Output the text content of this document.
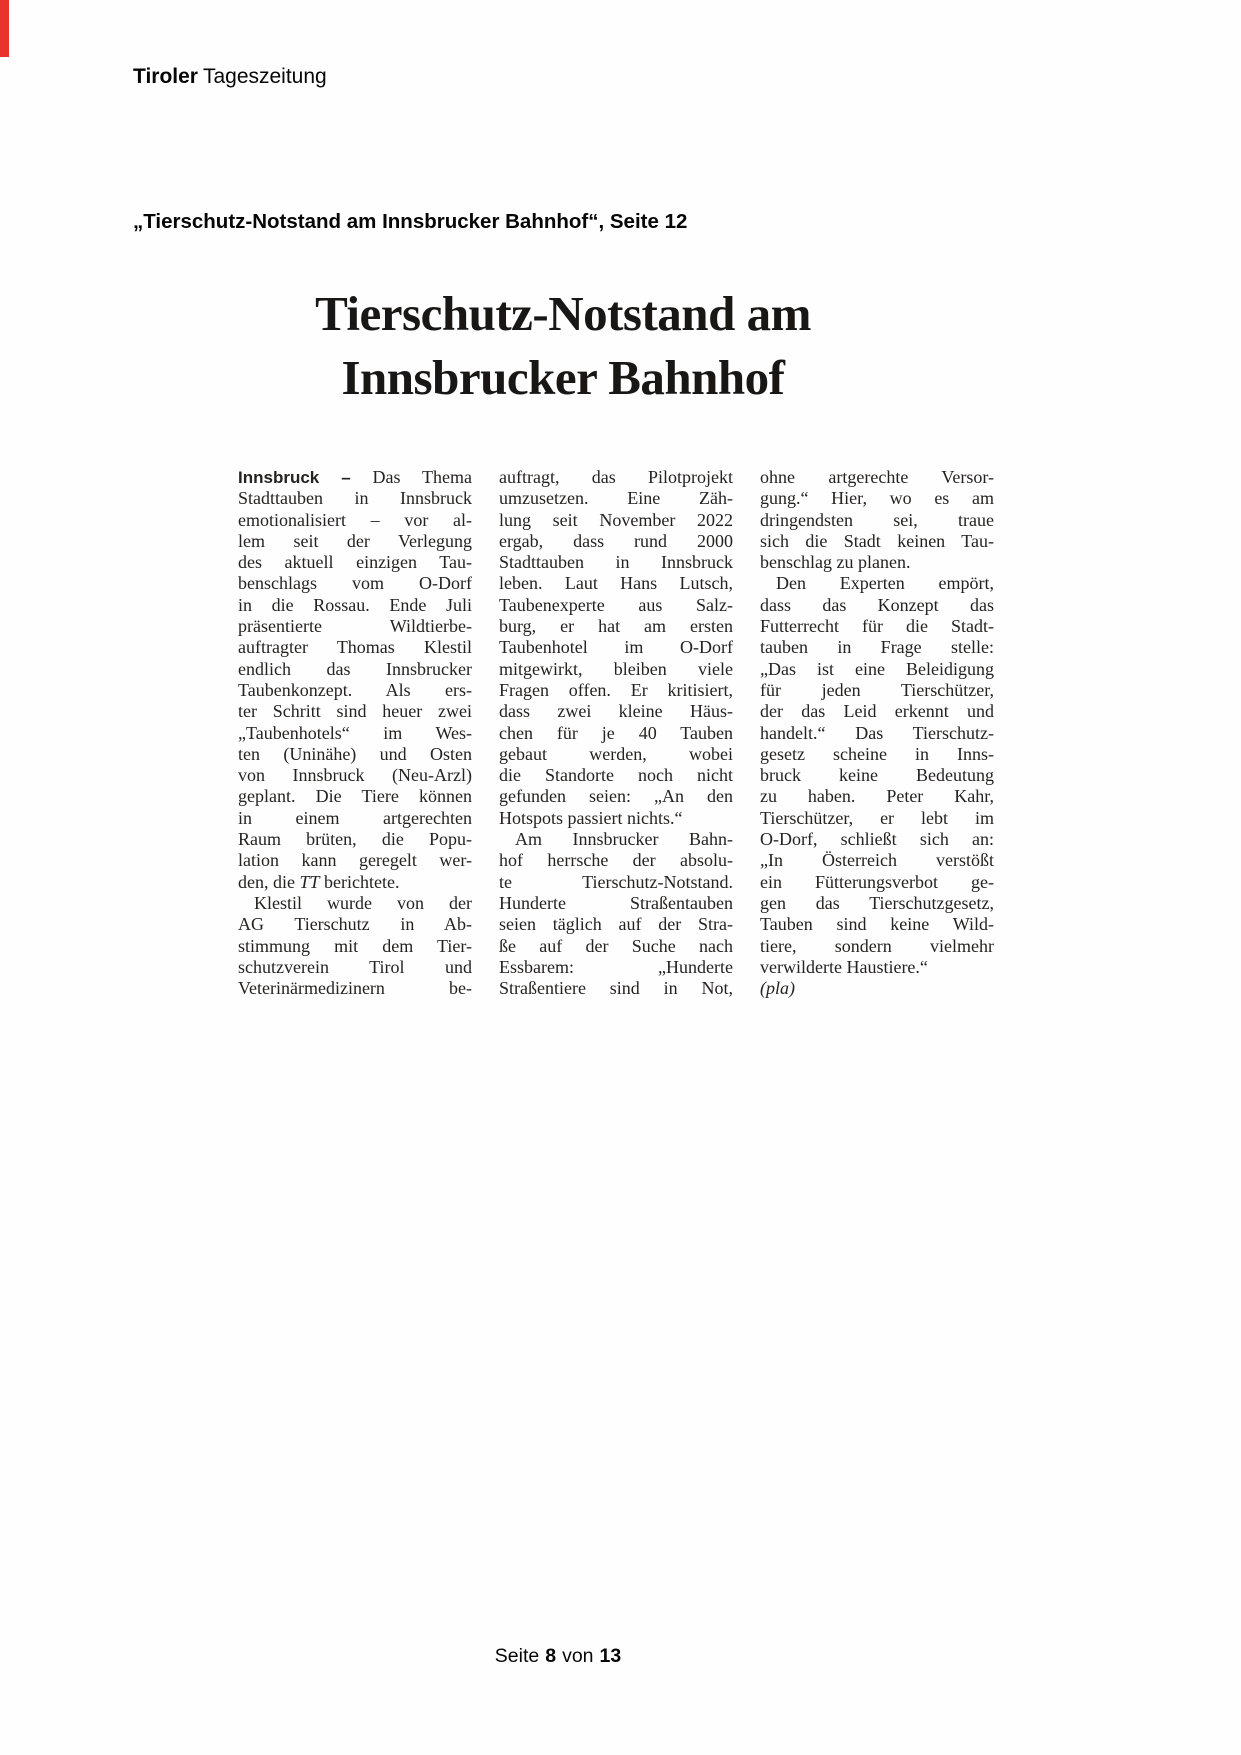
Tiroler Tageszeitung
„Tierschutz-Notstand am Innsbrucker Bahnhof“, Seite 12
Tierschutz-Notstand am
Innsbrucker Bahnhof
Innsbruck – Das Thema
Stadttauben in Innsbruck
emotionalisiert – vor al-
lem seit der Verlegung
des aktuell einzigen Tau-
benschlags vom O-Dorf
in die Rossau. Ende Juli
präsentierte Wildtierbe-
auftragter Thomas Klestil
endlich das Innsbrucker
Taubenkonzept. Als ers-
ter Schritt sind heuer zwei
„Taubenhotels“ im Wes-
ten (Uninähe) und Osten
von Innsbruck (Neu-Arzl)
geplant. Die Tiere können
in einem artgerechten
Raum brüten, die Popu-
lation kann geregelt wer-
den, die TT berichtete.
Klestil wurde von der
AG Tierschutz in Ab-
stimmung mit dem Tier-
schutzverein Tirol und
Veterinärmedizinern be-
auftragt, das Pilotprojekt
umzusetzen. Eine Zäh-
lung seit November 2022
ergab, dass rund 2000
Stadttauben in Innsbruck
leben. Laut Hans Lutsch,
Taubenexperte aus Salz-
burg, er hat am ersten
Taubenhotel im O-Dorf
mitgewirkt, bleiben viele
Fragen offen. Er kritisiert,
dass zwei kleine Häus-
chen für je 40 Tauben
gebaut werden, wobei
die Standorte noch nicht
gefunden seien: „An den
Hotspots passiert nichts.“
Am Innsbrucker Bahn-
hof herrsche der absolu-
te Tierschutz-Notstand.
Hunderte Straßentauben
seien täglich auf der Stra-
ße auf der Suche nach
Essbarem: „Hunderte
Straßentiere sind in Not,
ohne artgerechte Versor-
gung.“ Hier, wo es am
dringendsten sei, traue
sich die Stadt keinen Tau-
benschlag zu planen.
Den Experten empört,
dass das Konzept das
Futterrecht für die Stadt-
tauben in Frage stelle:
„Das ist eine Beleidigung
für jeden Tierschützer,
der das Leid erkennt und
handelt.“ Das Tierschutz-
gesetz scheine in Inns-
bruck keine Bedeutung
zu haben. Peter Kahr,
Tierschützer, er lebt im
O-Dorf, schließt sich an:
„In Österreich verstößt
ein Fütterungsverbot ge-
gen das Tierschutzgesetz,
Tauben sind keine Wild-
tiere, sondern vielmehr
verwilderte Haustiere.“
(pla)
Seite 8 von 13
